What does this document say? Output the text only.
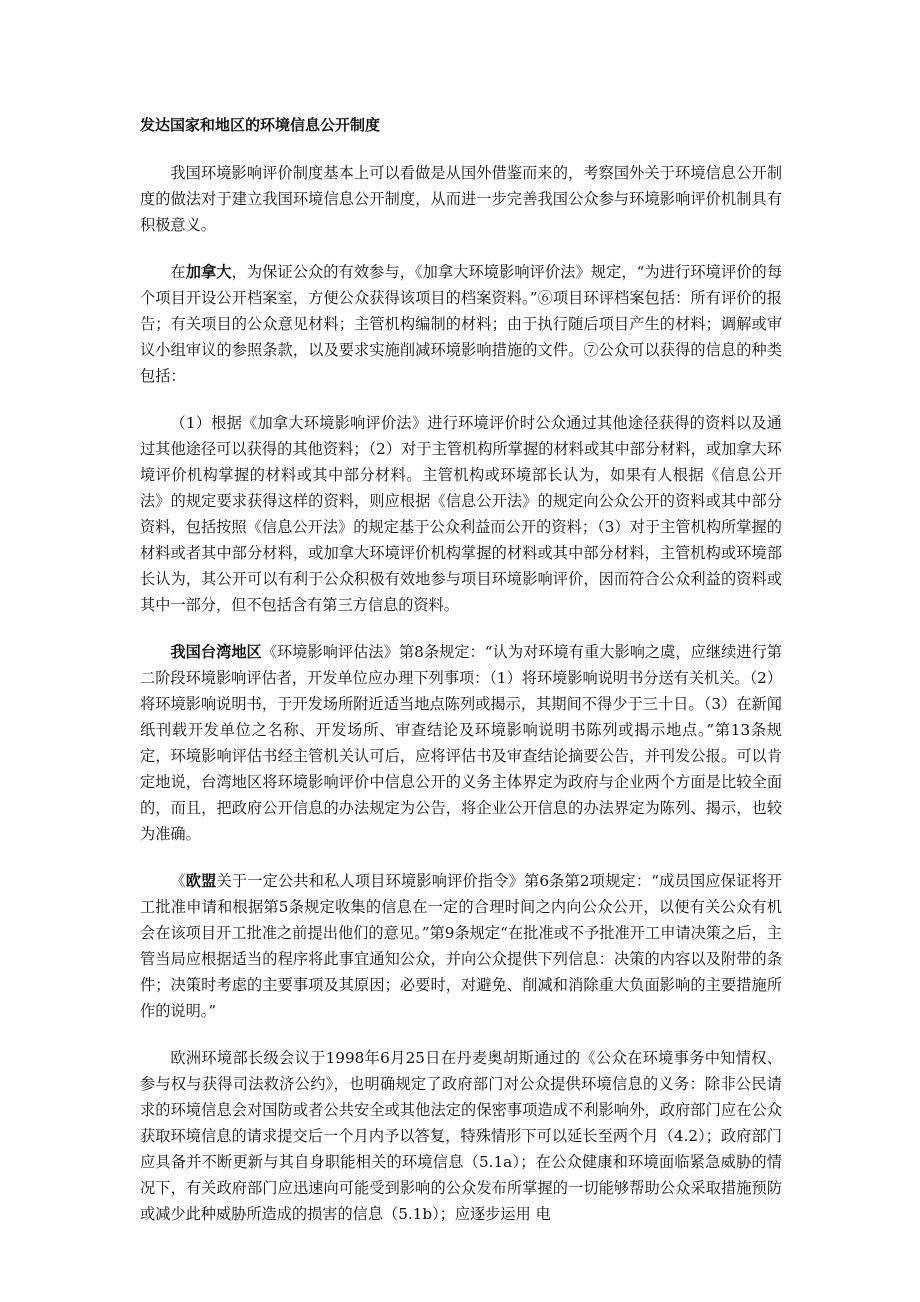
发达国家和地区的环境信息公开制度

我国环境影响评价制度基本上可以看做是从国外借鉴而来的，考察国外关于环境信息公开制度的做法对于建立我国环境信息公开制度，从而进一步完善我国公众参与环境影响评价机制具有积极意义。

在加拿大，为保证公众的有效参与，《加拿大环境影响评价法》规定，“为进行环境评价的每个项目开设公开档案室，方便公众获得该项目的档案资料。”⑥项目环评档案包括：所有评价的报告；有关项目的公众意见材料；主管机构编制的材料；由于执行随后项目产生的材料；调解或审议小组审议的参照条款，以及要求实施削减环境影响措施的文件。⑦公众可以获得的信息的种类包括：

（1）根据《加拿大环境影响评价法》进行环境评价时公众通过其他途径获得的资料以及通过其他途径可以获得的其他资料；（2）对于主管机构所掌握的材料或其中部分材料，或加拿大环境评价机构掌握的材料或其中部分材料。主管机构或环境部长认为，如果有人根据《信息公开法》的规定要求获得这样的资料，则应根据《信息公开法》的规定向公众公开的资料或其中部分资料，包括按照《信息公开法》的规定基于公众利益而公开的资料；（3）对于主管机构所掌握的材料或者其中部分材料，或加拿大环境评价机构掌握的材料或其中部分材料，主管机构或环境部长认为，其公开可以有利于公众积极有效地参与项目环境影响评价，因而符合公众利益的资料或其中一部分，但不包括含有第三方信息的资料。

我国台湾地区《环境影响评估法》第8条规定：“认为对环境有重大影响之虞，应继续进行第二阶段环境影响评估者，开发单位应办理下列事项：（1）将环境影响说明书分送有关机关。（2）将环境影响说明书，于开发场所附近适当地点陈列或揭示，其期间不得少于三十日。（3）在新闻纸刊载开发单位之名称、开发场所、审查结论及环境影响说明书陈列或揭示地点。”第13条规定，环境影响评估书经主管机关认可后，应将评估书及审查结论摘要公告，并刊发公报。可以肯定地说，台湾地区将环境影响评价中信息公开的义务主体界定为政府与企业两个方面是比较全面的，而且，把政府公开信息的办法规定为公告，将企业公开信息的办法界定为陈列、揭示，也较为准确。

《欧盟关于一定公共和私人项目环境影响评价指令》第6条第2项规定：“成员国应保证将开工批准申请和根据第5条规定收集的信息在一定的合理时间之内向公众公开，以便有关公众有机会在该项目开工批准之前提出他们的意见。”第9条规定“在批准或不予批准开工申请决策之后，主管当局应根据适当的程序将此事宜通知公众，并向公众提供下列信息：决策的内容以及附带的条件；决策时考虑的主要事项及其原因；必要时，对避免、削减和消除重大负面影响的主要措施所作的说明。”

欧洲环境部长级会议于1998年6月25日在丹麦奥胡斯通过的《公众在环境事务中知情权、参与权与获得司法救济公约》，也明确规定了政府部门对公众提供环境信息的义务：除非公民请求的环境信息会对国防或者公共安全或其他法定的保密事项造成不利影响外，政府部门应在公众获取环境信息的请求提交后一个月内予以答复，特殊情形下可以延长至两个月（4.2）；政府部门应具备并不断更新与其自身职能相关的环境信息（5.1a）；在公众健康和环境面临紧急威胁的情况下，有关政府部门应迅速向可能受到影响的公众发布所掌握的一切能够帮助公众采取措施预防或减少此种威胁所造成的损害的信息（5.1b）；应逐步运用 电
